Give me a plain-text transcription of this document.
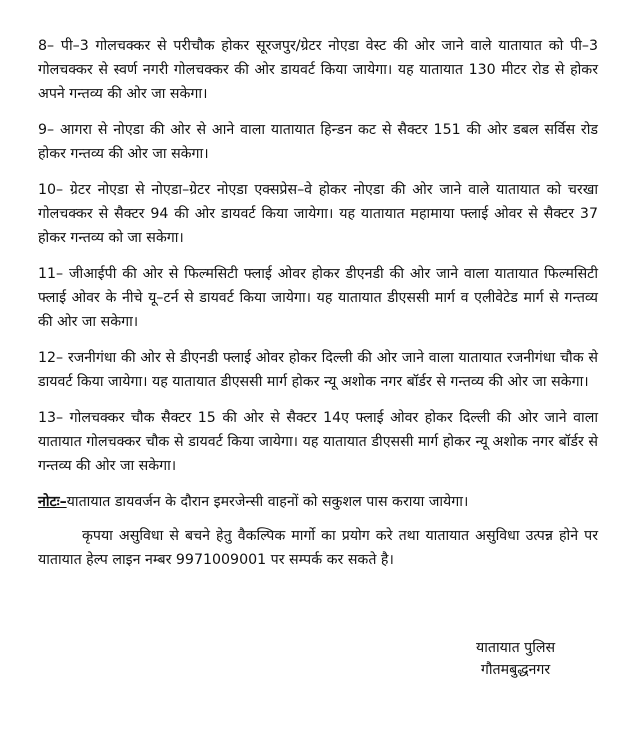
8– पी–3 गोलचक्कर से परीचौक होकर सूरजपुर/ग्रेटर नोएडा वेस्ट की ओर जाने वाले यातायात को पी–3 गोलचक्कर से स्वर्ण नगरी गोलचक्कर की ओर डायवर्ट किया जायेगा। यह यातायात 130 मीटर रोड से होकर अपने गन्तव्य की ओर जा सकेगा।

9– आगरा से नोएडा की ओर से आने वाला यातायात हिन्डन कट से सैक्टर 151 की ओर डबल सर्विस रोड होकर गन्तव्य की ओर जा सकेगा।

10– ग्रेटर नोएडा से नोएडा–ग्रेटर नोएडा एक्सप्रेस–वे होकर नोएडा की ओर जाने वाले यातायात को चरखा गोलचक्कर से सैक्टर 94 की ओर डायवर्ट किया जायेगा। यह यातायात महामाया फ्लाई ओवर से सैक्टर 37 होकर गन्तव्य को जा सकेगा।

11– जीआईपी की ओर से फिल्मसिटी फ्लाई ओवर होकर डीएनडी की ओर जाने वाला यातायात फिल्मसिटी फ्लाई ओवर के नीचे यू–टर्न से डायवर्ट किया जायेगा। यह यातायात डीएससी मार्ग व एलीवेटेड मार्ग से गन्तव्य की ओर जा सकेगा।

12– रजनीगंधा की ओर से डीएनडी फ्लाई ओवर होकर दिल्ली की ओर जाने वाला यातायात रजनीगंधा चौक से डायवर्ट किया जायेगा। यह यातायात डीएससी मार्ग होकर न्यू अशोक नगर बॉर्डर से गन्तव्य की ओर जा सकेगा।

13– गोलचक्कर चौक सैक्टर 15 की ओर से सैक्टर 14ए फ्लाई ओवर होकर दिल्ली की ओर जाने वाला यातायात गोलचक्कर चौक से डायवर्ट किया जायेगा। यह यातायात डीएससी मार्ग होकर न्यू अशोक नगर बॉर्डर से गन्तव्य की ओर जा सकेगा।

नोटः–यातायात डायवर्जन के दौरान इमरजेन्सी वाहनों को सकुशल पास कराया जायेगा।

कृपया असुविधा से बचने हेतु वैकल्पिक मार्गो का प्रयोग करे तथा यातायात असुविधा उत्पन्न होने पर यातायात हेल्प लाइन नम्बर 9971009001 पर सम्पर्क कर सकते है।

यातायात पुलिस
गौतमबुद्धनगर
